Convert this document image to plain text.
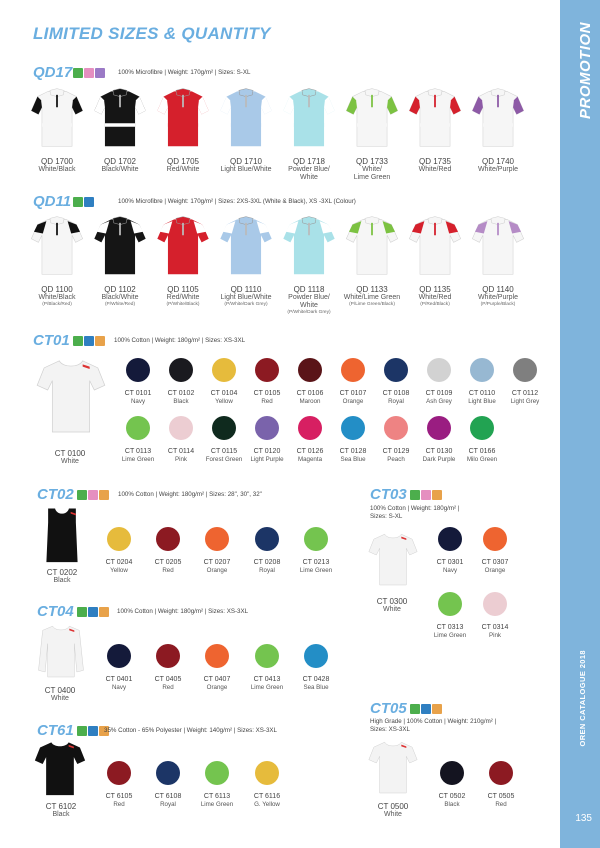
PROMOTION
OREN CATALOGUE 2018
135
LIMITED SIZES & QUANTITY
QD17	100% Microfibre | Weight: 170g/m² | Sizes: S-XL
QD 1700
White/Black
QD 1702
Black/White
QD 1705
Red/White
QD 1710
Light Blue/White
QD 1718
Powder Blue/
White
QD 1733
White/
Lime Green
QD 1735
White/Red
QD 1740
White/Purple
QD11	100% Microfibre | Weight: 170g/m² | Sizes: 2XS-3XL (White & Black), XS -3XL (Colour)
QD 1100
White/Black
(P/Black/Red)
QD 1102
Black/White
(P/White/Red)
QD 1105
Red/White
(P/White/Black)
QD 1110
Light Blue/White
(P/White/Dark Grey)
QD 1118
Powder Blue/
White
(P/White/Dark Grey)
QD 1133
White/Lime Green
(P/Lime Green/Black)
QD 1135
White/Red
(P/Red/Black)
QD 1140
White/Purple
(P/Purple/Black)
CT01	100% Cotton | Weight: 180g/m² | Sizes: XS-3XL
CT 0100
White
CT 0101
Navy
CT 0102
Black
CT 0104
Yellow
CT 0105
Red
CT 0106
Maroon
CT 0107
Orange
CT 0108
Royal
CT 0109
Ash Grey
CT 0110
Light Blue
CT 0112
Light Grey
CT 0113
Lime Green
CT 0114
Pink
CT 0115
Forest Green
CT 0120
Light Purple
CT 0126
Magenta
CT 0128
Sea Blue
CT 0129
Peach
CT 0130
Dark Purple
CT 0166
Milo Green
CT02	100% Cotton | Weight: 180g/m² | Sizes: 28", 30", 32"
CT 0202
Black
CT 0204
Yellow
CT 0205
Red
CT 0207
Orange
CT 0208
Royal
CT 0213
Lime Green
CT03
100% Cotton | Weight: 180g/m² |
Sizes: S-XL
CT 0300
White
CT 0301
Navy
CT 0307
Orange
CT 0313
Lime Green
CT 0314
Pink
CT04	100% Cotton | Weight: 180g/m² | Sizes: XS-3XL
CT 0400
White
CT 0401
Navy
CT 0405
Red
CT 0407
Orange
CT 0413
Lime Green
CT 0428
Sea Blue
CT05
High Grade | 100% Cotton | Weight: 210g/m² |
Sizes: XS-3XL
CT 0500
White
CT 0502
Black
CT 0505
Red
CT61	35% Cotton - 65% Polyester | Weight: 140g/m² | Sizes: XS-3XL
CT 6102
Black
CT 6105
Red
CT 6108
Royal
CT 6113
Lime Green
CT 6116
G. Yellow
